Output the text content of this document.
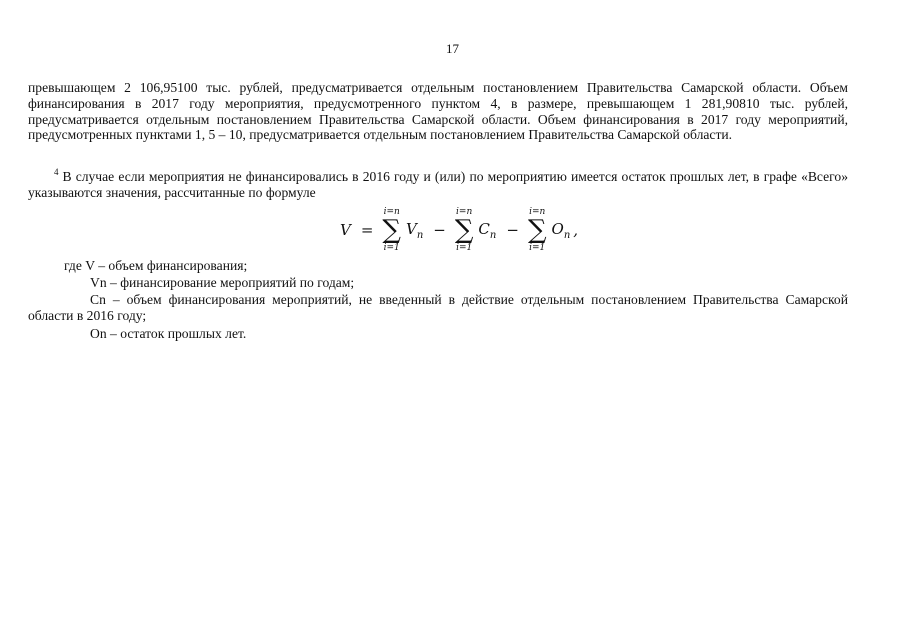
17
превышающем 2 106,95100 тыс. рублей, предусматривается отдельным постановлением Правительства Самарской области. Объем финансирования в 2017 году мероприятия, предусмотренного пунктом 4, в размере, превышающем 1 281,90810 тыс. рублей, предусматривается отдельным постановлением Правительства Самарской области. Объем финансирования в 2017 году мероприятий, предусмотренных пунктами 1, 5 – 10, предусматривается отдельным постановлением Правительства Самарской области.
$^4$ В случае если мероприятия не финансировались в 2016 году и (или) по мероприятию имеется остаток прошлых лет, в графе «Всего» указываются значения, рассчитанные по формуле
V =
i=n
∑
i=1
$V_n$ −
i=n
∑
i=1
$C_n$ −
i=n
∑
i=1
$O_n$ ,
где V – объем финансирования;
Vn – финансирование мероприятий по годам;
Cn – объем финансирования мероприятий, не введенный в действие отдельным постановлением Правительства Самарской области в 2016 году;
On – остаток прошлых лет.
